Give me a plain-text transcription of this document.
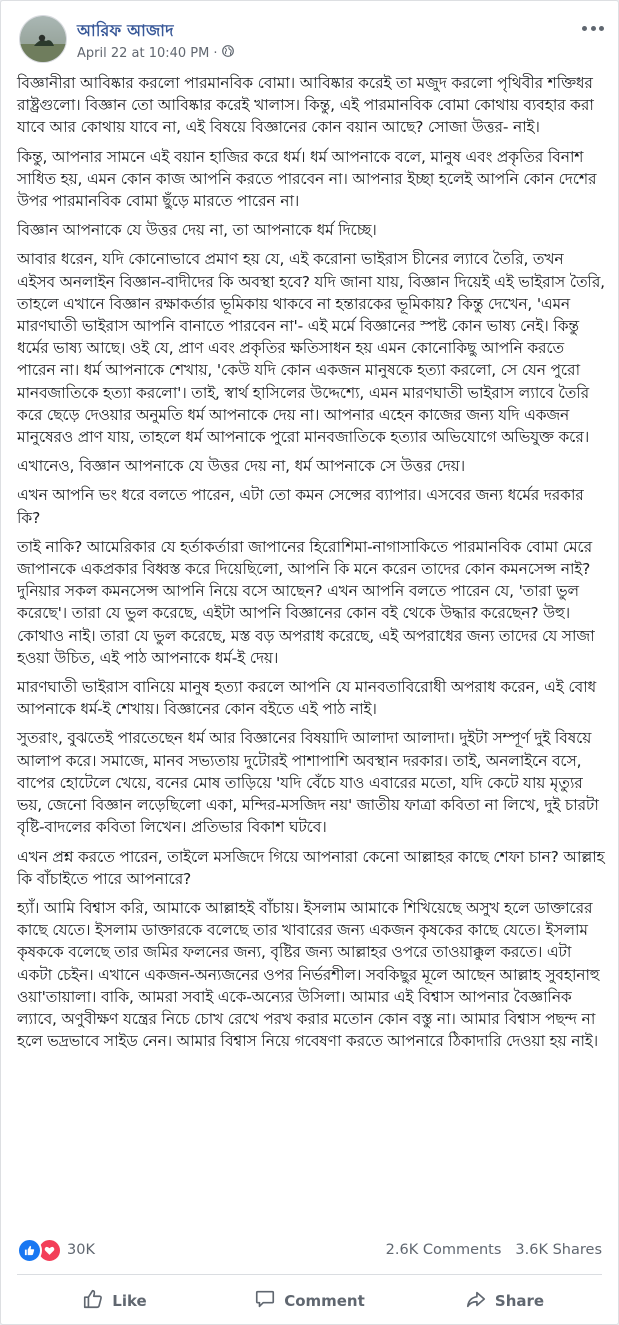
আরিফ আজাদ
April 22 at 10:40 PM ·

বিজ্ঞানীরা আবিষ্কার করলো পারমানবিক বোমা। আবিষ্কার করেই তা মজুদ করলো পৃথিবীর শক্তিধর রাষ্ট্রগুলো। বিজ্ঞান তো আবিষ্কার করেই খালাস। কিন্তু, এই পারমানবিক বোমা কোথায় ব্যবহার করা যাবে আর কোথায় যাবে না, এই বিষয়ে বিজ্ঞানের কোন বয়ান আছে? সোজা উত্তর- নাই।

কিন্তু, আপনার সামনে এই বয়ান হাজির করে ধর্ম। ধর্ম আপনাকে বলে, মানুষ এবং প্রকৃতির বিনাশ সাধিত হয়, এমন কোন কাজ আপনি করতে পারবেন না। আপনার ইচ্ছা হলেই আপনি কোন দেশের উপর পারমানবিক বোমা ছুঁড়ে মারতে পারেন না।

বিজ্ঞান আপনাকে যে উত্তর দেয় না, তা আপনাকে ধর্ম দিচ্ছে।

আবার ধরেন, যদি কোনোভাবে প্রমাণ হয় যে, এই করোনা ভাইরাস চীনের ল্যাবে তৈরি, তখন এইসব অনলাইন বিজ্ঞান-বাদীদের কি অবস্থা হবে? যদি জানা যায়, বিজ্ঞান দিয়েই এই ভাইরাস তৈরি, তাহলে এখানে বিজ্ঞান রক্ষাকর্তার ভূমিকায় থাকবে না হন্তারকের ভূমিকায়? কিন্তু দেখেন, 'এমন মারণঘাতী ভাইরাস আপনি বানাতে পারবেন না'- এই মর্মে বিজ্ঞানের স্পষ্ট কোন ভাষ্য নেই। কিন্তু ধর্মের ভাষ্য আছে। ওই যে, প্রাণ এবং প্রকৃতির ক্ষতিসাধন হয় এমন কোনোকিছু আপনি করতে পারেন না। ধর্ম আপনাকে শেখায়, 'কেউ যদি কোন একজন মানুষকে হত্যা করলো, সে যেন পুরো মানবজাতিকে হত্যা করলো'। তাই, স্বার্থ হাসিলের উদ্দেশ্যে, এমন মারণঘাতী ভাইরাস ল্যাবে তৈরি করে ছেড়ে দেওয়ার অনুমতি ধর্ম আপনাকে দেয় না। আপনার এহেন কাজের জন্য যদি একজন মানুষেরও প্রাণ যায়, তাহলে ধর্ম আপনাকে পুরো মানবজাতিকে হত্যার অভিযোগে অভিযুক্ত করে।

এখানেও, বিজ্ঞান আপনাকে যে উত্তর দেয় না, ধর্ম আপনাকে সে উত্তর দেয়।

এখন আপনি ভং ধরে বলতে পারেন, এটা তো কমন সেন্সের ব্যাপার। এসবের জন্য ধর্মের দরকার কি?

তাই নাকি? আমেরিকার যে হর্তাকর্তারা জাপানের হিরোশিমা-নাগাসাকিতে পারমানবিক বোমা মেরে জাপানকে একপ্রকার বিধ্বস্ত করে দিয়েছিলো, আপনি কি মনে করেন তাদের কোন কমনসেন্স নাই? দুনিয়ার সকল কমনসেন্স আপনি নিয়ে বসে আছেন? এখন আপনি বলতে পারেন যে, 'তারা ভুল করেছে'। তারা যে ভুল করেছে, এইটা আপনি বিজ্ঞানের কোন বই থেকে উদ্ধার করেছেন? উহু। কোথাও নাই। তারা যে ভুল করেছে, মস্ত বড় অপরাধ করেছে, এই অপরাধের জন্য তাদের যে সাজা হওয়া উচিত, এই পাঠ আপনাকে ধর্ম-ই দেয়।

মারণঘাতী ভাইরাস বানিয়ে মানুষ হত্যা করলে আপনি যে মানবতাবিরোধী অপরাধ করেন, এই বোধ আপনাকে ধর্ম-ই শেখায়। বিজ্ঞানের কোন বইতে এই পাঠ নাই।

সুতরাং, বুঝতেই পারতেছেন ধর্ম আর বিজ্ঞানের বিষয়াদি আলাদা আলাদা। দুইটা সম্পূর্ণ দুই বিষয়ে আলাপ করে। সমাজে, মানব সভ্যতায় দুটোরই পাশাপাশি অবস্থান দরকার। তাই, অনলাইনে বসে, বাপের হোটেলে খেয়ে, বনের মোষ তাড়িয়ে 'যদি বেঁচে যাও এবারের মতো, যদি কেটে যায় মৃত্যুর ভয়, জেনো বিজ্ঞান লড়েছিলো একা, মন্দির-মসজিদ নয়' জাতীয় ফাত্রা কবিতা না লিখে, দুই চারটা বৃষ্টি-বাদলের কবিতা লিখেন। প্রতিভার বিকাশ ঘটবে।

এখন প্রশ্ন করতে পারেন, তাইলে মসজিদে গিয়ে আপনারা কেনো আল্লাহর কাছে শেফা চান? আল্লাহ কি বাঁচাইতে পারে আপনারে?

হ্যাঁ। আমি বিশ্বাস করি, আমাকে আল্লাহই বাঁচায়। ইসলাম আমাকে শিখিয়েছে অসুখ হলে ডাক্তারের কাছে যেতে। ইসলাম ডাক্তারকে বলেছে তার খাবারের জন্য একজন কৃষকের কাছে যেতে। ইসলাম কৃষককে বলেছে তার জমির ফলনের জন্য, বৃষ্টির জন্য আল্লাহর ওপরে তাওয়াক্কুল করতে। এটা একটা চেইন। এখানে একজন-অন্যজনের ওপর নির্ভরশীল। সবকিছুর মূলে আছেন আল্লাহ সুবহানাহু ওয়া'তায়ালা। বাকি, আমরা সবাই একে-অন্যের উসিলা। আমার এই বিশ্বাস আপনার বৈজ্ঞানিক ল্যাবে, অণুবীক্ষণ যন্ত্রের নিচে চোখ রেখে পরখ করার মতোন কোন বস্তু না। আমার বিশ্বাস পছন্দ না হলে ভদ্রভাবে সাইড নেন। আমার বিশ্বাস নিয়ে গবেষণা করতে আপনারে ঠিকাদারি দেওয়া হয় নাই।

30K	2.6K Comments 3.6K Shares
Like	Comment	Share
